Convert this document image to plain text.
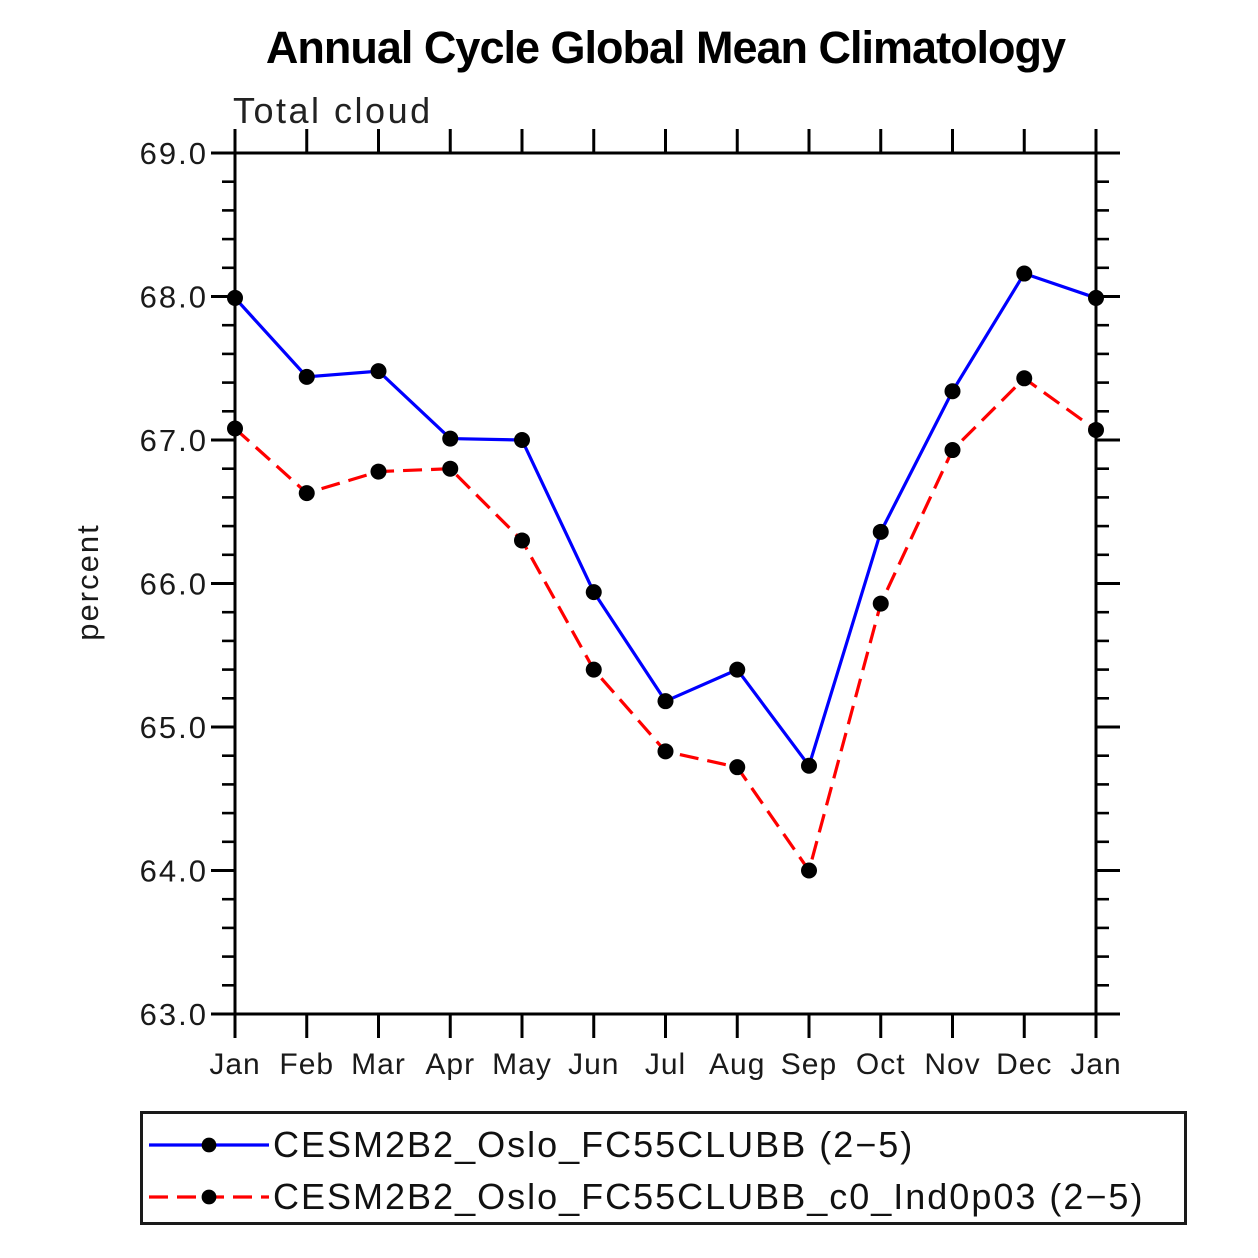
Annual Cycle Global Mean Climatology
Total cloud
percent
Jan Feb Mar Apr May Jun Jul Aug Sep Oct Nov Dec Jan
63.0
64.0
65.0
66.0
67.0
68.0
69.0
CESM2B2_Oslo_FC55CLUBB (2−5)
CESM2B2_Oslo_FC55CLUBB_c0_Ind0p03 (2−5)
